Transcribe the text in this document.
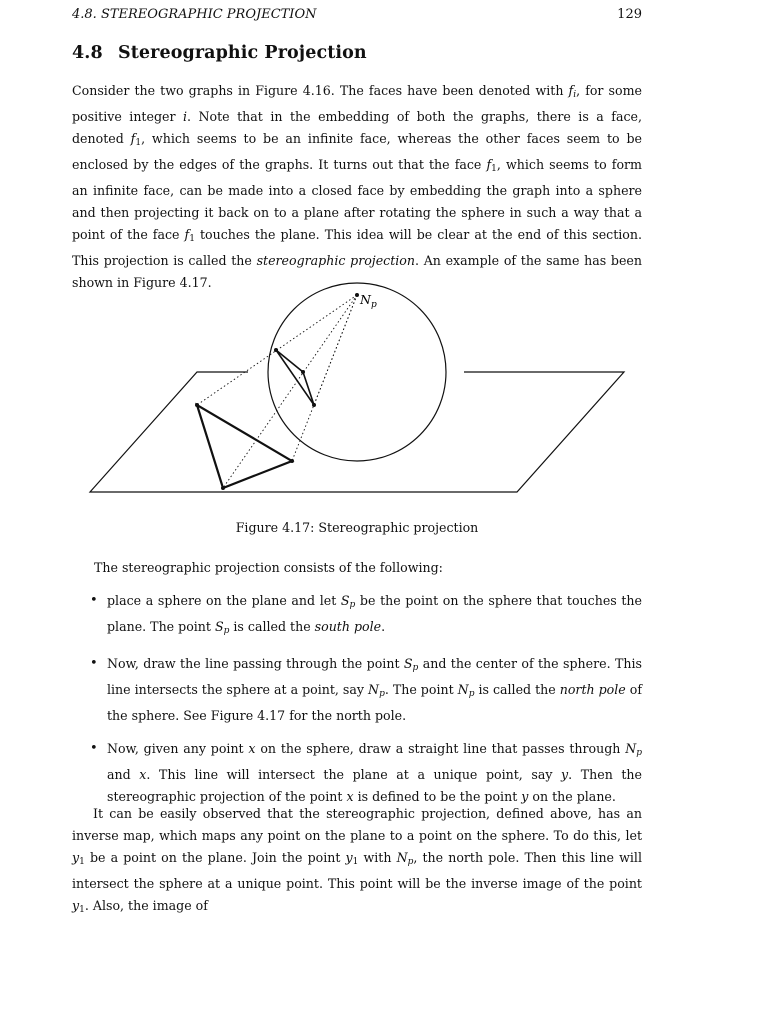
4.8. STEREOGRAPHIC PROJECTION	129
4.8 Stereographic Projection

Consider the two graphs in Figure 4.16. The faces have been denoted with $f_i$, for some positive integer i. Note that in the embedding of both the graphs, there is a face, denoted $f_1$, which seems to be an infinite face, whereas the other faces seem to be enclosed by the edges of the graphs. It turns out that the face $f_1$, which seems to form an infinite face, can be made into a closed face by embedding the graph into a sphere and then projecting it back on to a plane after rotating the sphere in such a way that a point of the face $f_1$ touches the plane. This idea will be clear at the end of this section. This projection is called the stereographic projection. An example of the same has been shown in Figure 4.17.

$N_p$

Figure 4.17: Stereographic projection

The stereographic projection consists of the following:

• place a sphere on the plane and let $S_p$ be the point on the sphere that touches the plane. The point $S_p$ is called the south pole.
• Now, draw the line passing through the point $S_p$ and the center of the sphere. This line intersects the sphere at a point, say $N_p$. The point $N_p$ is called the north pole of the sphere. See Figure 4.17 for the north pole.
• Now, given any point x on the sphere, draw a straight line that passes through $N_p$ and x. This line will intersect the plane at a unique point, say y. Then the stereographic projection of the point x is defined to be the point y on the plane.

It can be easily observed that the stereographic projection, defined above, has an inverse map, which maps any point on the plane to a point on the sphere. To do this, let $y_1$ be a point on the plane. Join the point $y_1$ with $N_p$, the north pole. Then this line will intersect the sphere at a unique point. This point will be the inverse image of the point $y_1$. Also, the image of
